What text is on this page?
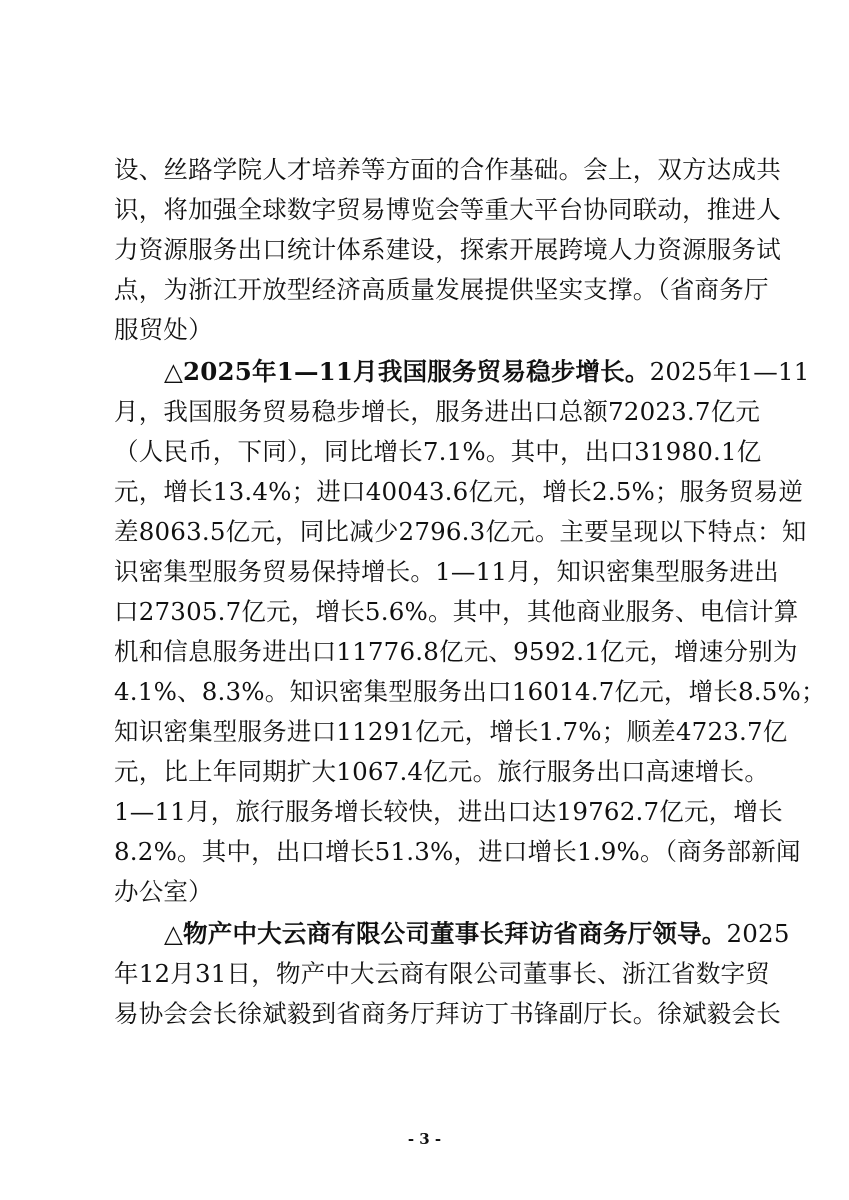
设、丝路学院人才培养等方面的合作基础。会上，双方达成共
识，将加强全球数字贸易博览会等重大平台协同联动，推进人
力资源服务出口统计体系建设，探索开展跨境人力资源服务试
点，为浙江开放型经济高质量发展提供坚实支撑。（省商务厅
服贸处）
△2025年1—11月我国服务贸易稳步增长。2025年1—11
月，我国服务贸易稳步增长，服务进出口总额72023.7亿元
（人民币，下同），同比增长7.1%。其中，出口31980.1亿
元，增长13.4%；进口40043.6亿元，增长2.5%；服务贸易逆
差8063.5亿元，同比减少2796.3亿元。主要呈现以下特点：知
识密集型服务贸易保持增长。1—11月，知识密集型服务进出
口27305.7亿元，增长5.6%。其中，其他商业服务、电信计算
机和信息服务进出口11776.8亿元、9592.1亿元，增速分别为
4.1%、8.3%。知识密集型服务出口16014.7亿元，增长8.5%；
知识密集型服务进口11291亿元，增长1.7%；顺差4723.7亿
元，比上年同期扩大1067.4亿元。旅行服务出口高速增长。
1—11月，旅行服务增长较快，进出口达19762.7亿元，增长
8.2%。其中，出口增长51.3%，进口增长1.9%。（商务部新闻
办公室）
△物产中大云商有限公司董事长拜访省商务厅领导。2025
年12月31日，物产中大云商有限公司董事长、浙江省数字贸
易协会会长徐斌毅到省商务厅拜访丁书锋副厅长。徐斌毅会长
- 3 -
